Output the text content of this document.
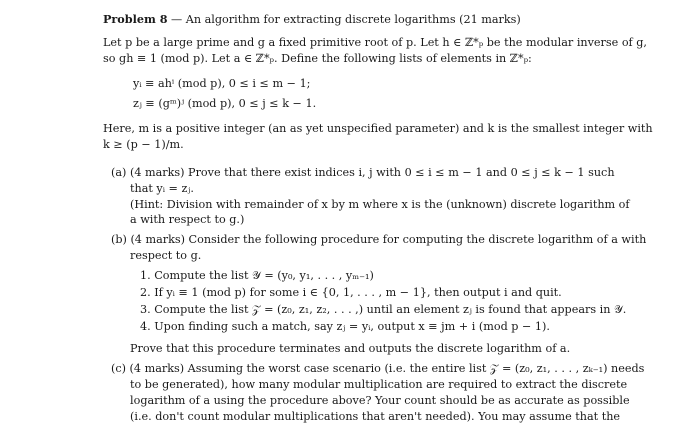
Problem 8 — An algorithm for extracting discrete logarithms (21 marks)
Let p be a large prime and g a fixed primitive root of p. Let h ∈ ℤ*ₚ be the modular inverse of g,
so gh ≡ 1 (mod p). Let a ∈ ℤ*ₚ. Define the following lists of elements in ℤ*ₚ:
yᵢ ≡ ahⁱ (mod p), 0 ≤ i ≤ m − 1;
zⱼ ≡ (gᵐ)ʲ (mod p), 0 ≤ j ≤ k − 1.
Here, m is a positive integer (an as yet unspecified parameter) and k is the smallest integer with
k ≥ (p − 1)/m.
(a) (4 marks) Prove that there exist indices i, j with 0 ≤ i ≤ m − 1 and 0 ≤ j ≤ k − 1 such
that yᵢ = zⱼ.
(Hint: Division with remainder of x by m where x is the (unknown) discrete logarithm of
a with respect to g.)
(b) (4 marks) Consider the following procedure for computing the discrete logarithm of a with
respect to g.
1. Compute the list 𝒴 = (y₀, y₁, . . . , yₘ₋₁)
2. If yᵢ ≡ 1 (mod p) for some i ∈ {0, 1, . . . , m − 1}, then output i and quit.
3. Compute the list 𝒵 = (z₀, z₁, z₂, . . . ,) until an element zⱼ is found that appears in 𝒴.
4. Upon finding such a match, say zⱼ = yᵢ, output x ≡ jm + i (mod p − 1).
Prove that this procedure terminates and outputs the discrete logarithm of a.
(c) (4 marks) Assuming the worst case scenario (i.e. the entire list 𝒵 = (z₀, z₁, . . . , zₖ₋₁) needs
to be generated), how many modular multiplication are required to extract the discrete
logarithm of a using the procedure above? Your count should be as accurate as possible
(i.e. don't count modular multiplications that aren't needed). You may assume that the
